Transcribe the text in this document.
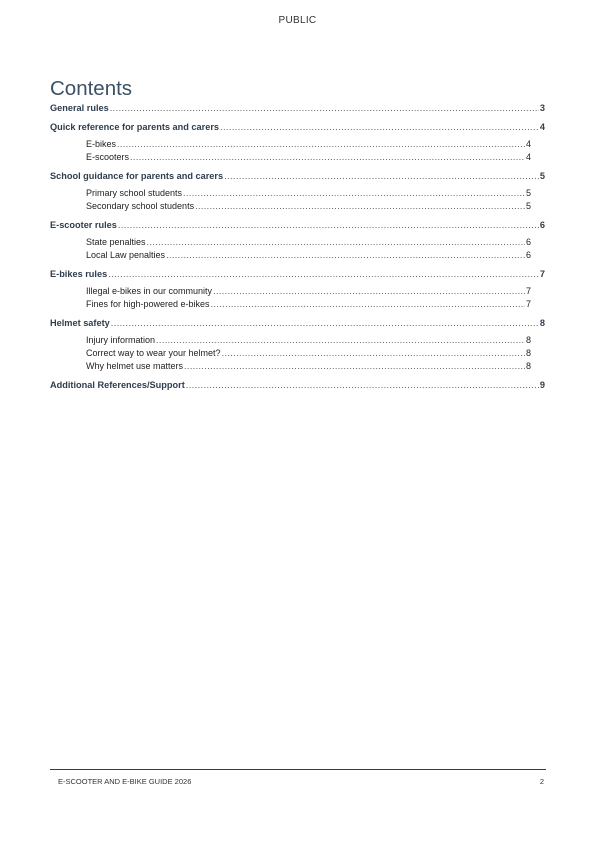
PUBLIC
Contents
General rules .....	3
Quick reference for parents and carers .....	4
E-bikes .....	4
E-scooters .....	4
School guidance for parents and carers .....	5
Primary school students .....	5
Secondary school students .....	5
E-scooter rules .....	6
State penalties .....	6
Local Law penalties .....	6
E-bikes rules .....	7
Illegal e-bikes in our community .....	7
Fines for high-powered e-bikes .....	7
Helmet safety .....	8
Injury information .....	8
Correct way to wear your helmet? .....	8
Why helmet use matters .....	8
Additional References/Support .....	9
E-SCOOTER AND E-BIKE GUIDE 2026	2
